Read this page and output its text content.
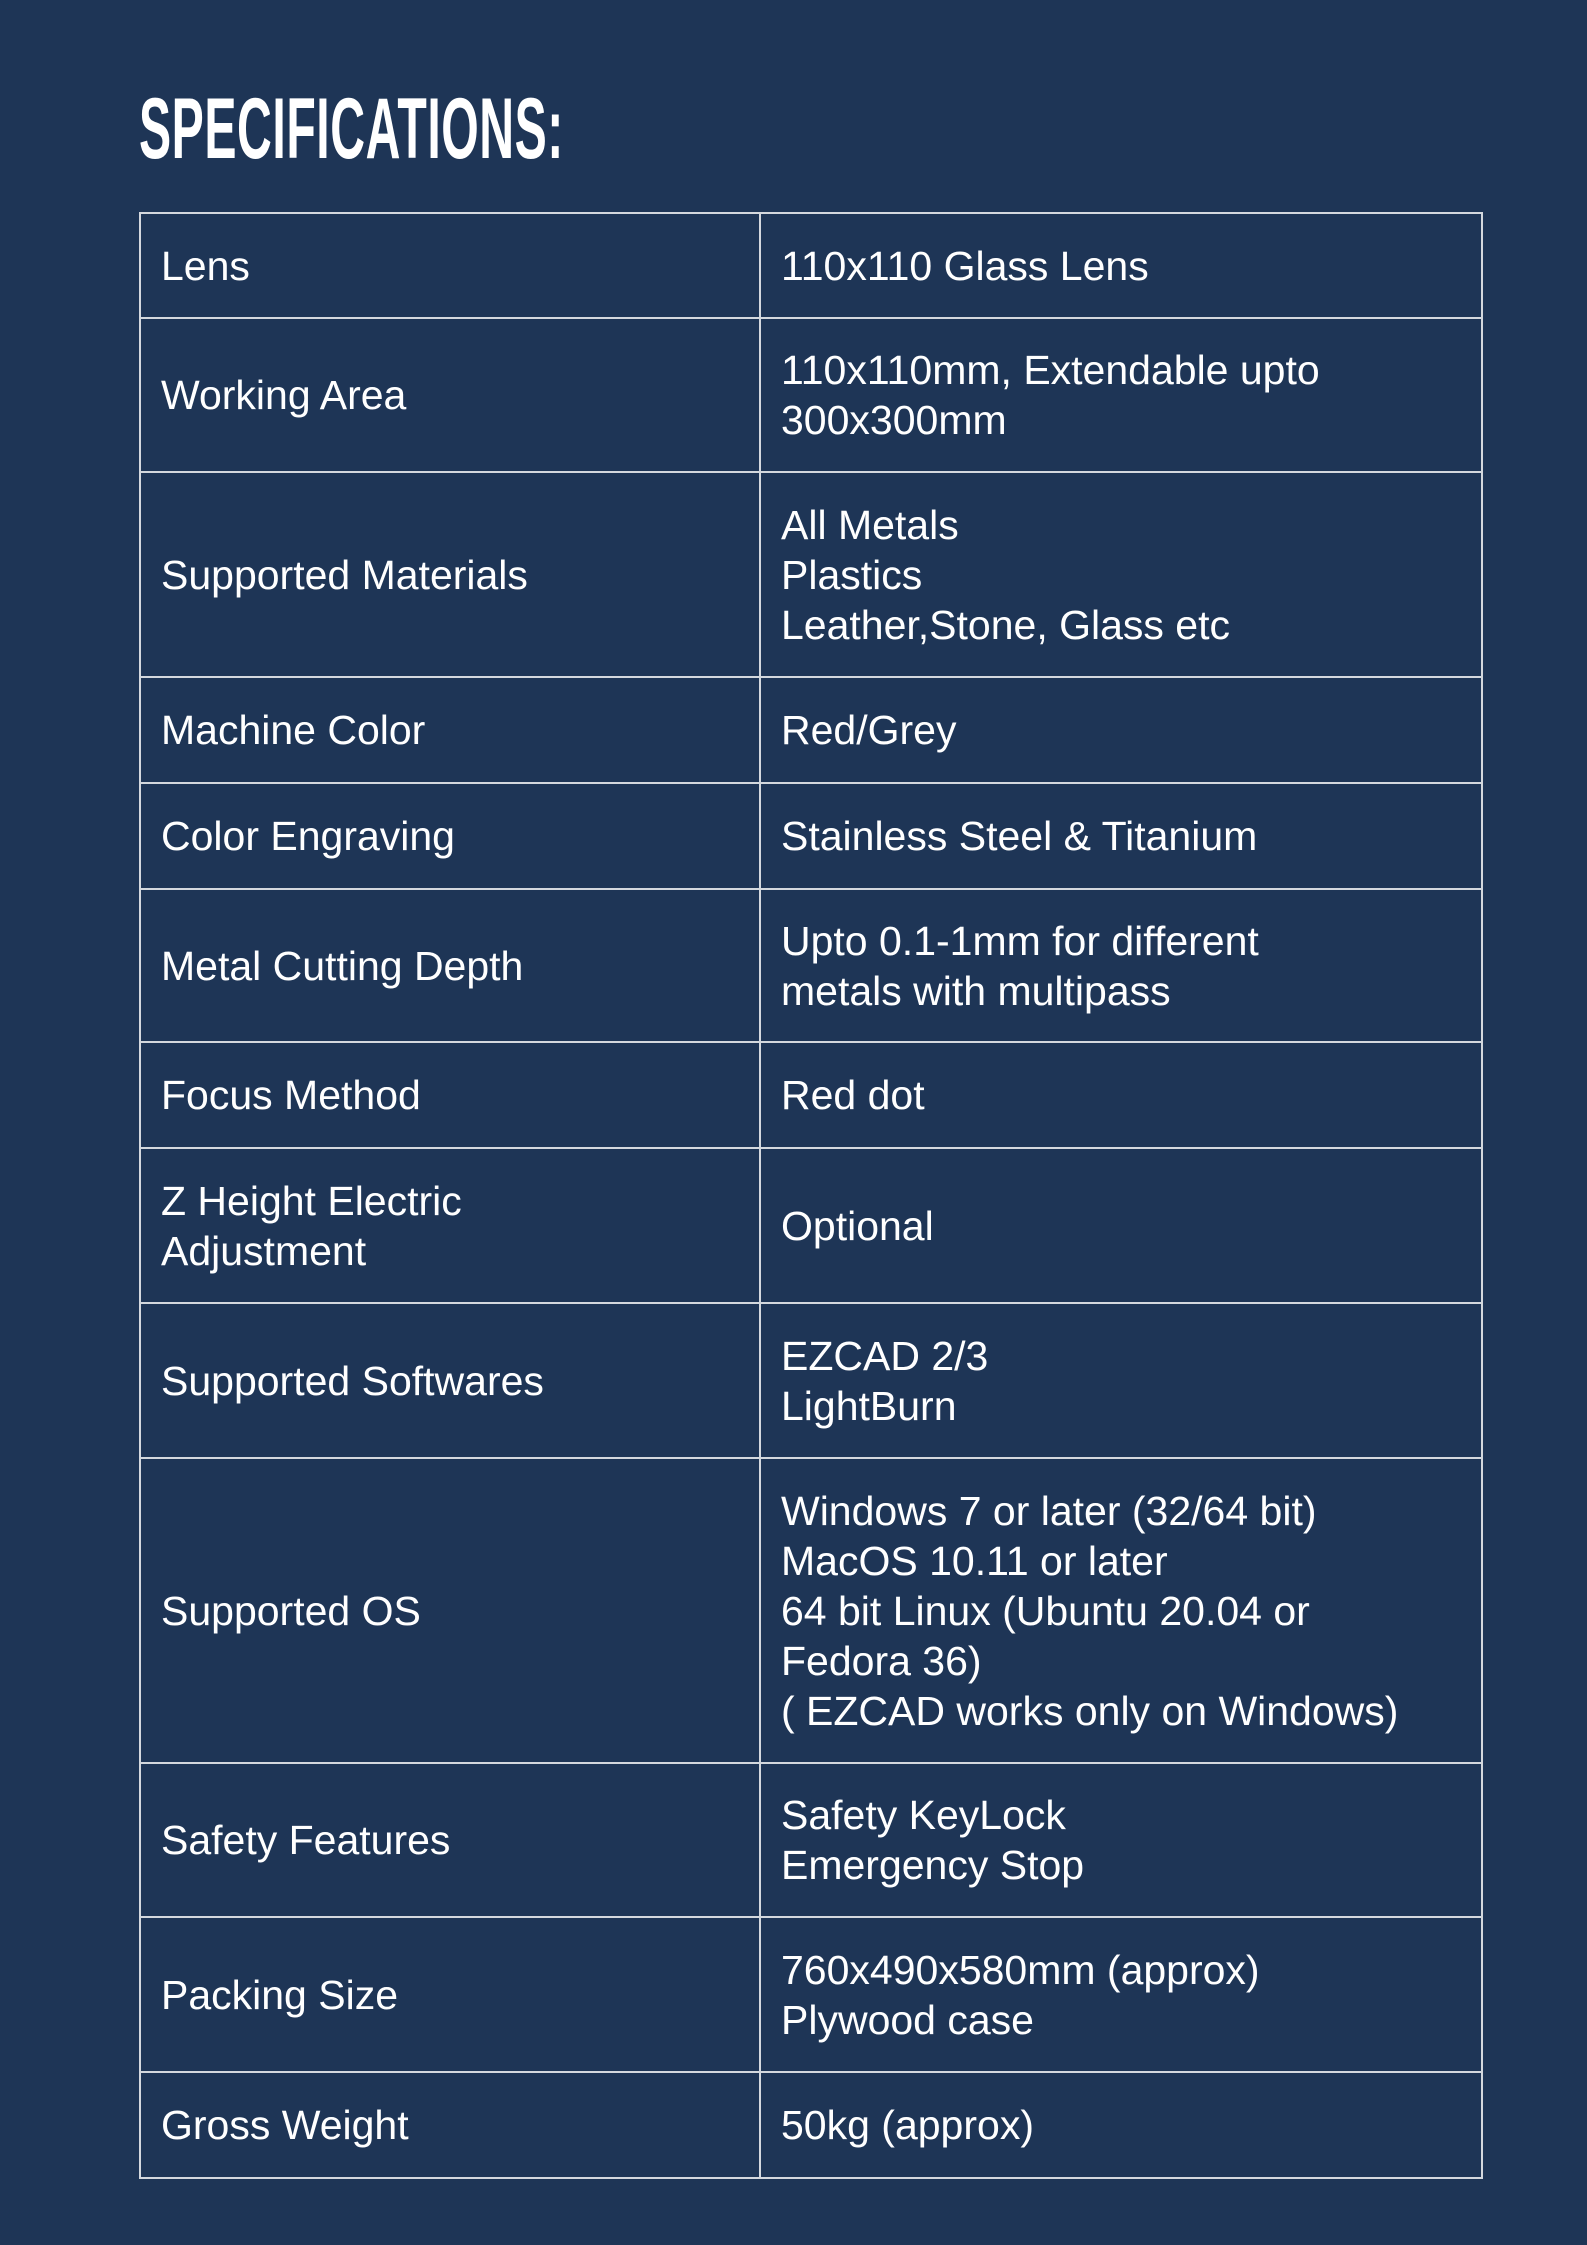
SPECIFICATIONS:
Lens	110x110 Glass Lens
Working Area	110x110mm, Extendable upto
300x300mm
Supported Materials	All Metals
Plastics
Leather,Stone, Glass etc
Machine Color	Red/Grey
Color Engraving	Stainless Steel & Titanium
Metal Cutting Depth	Upto 0.1-1mm for different
metals with multipass
Focus Method	Red dot
Z Height Electric
Adjustment	Optional
Supported Softwares	EZCAD 2/3
LightBurn
Supported OS	Windows 7 or later (32/64 bit)
MacOS 10.11 or later
64 bit Linux (Ubuntu 20.04 or
Fedora 36)
( EZCAD works only on Windows)
Safety Features	Safety KeyLock
Emergency Stop
Packing Size	760x490x580mm (approx)
Plywood case
Gross Weight	50kg (approx)
